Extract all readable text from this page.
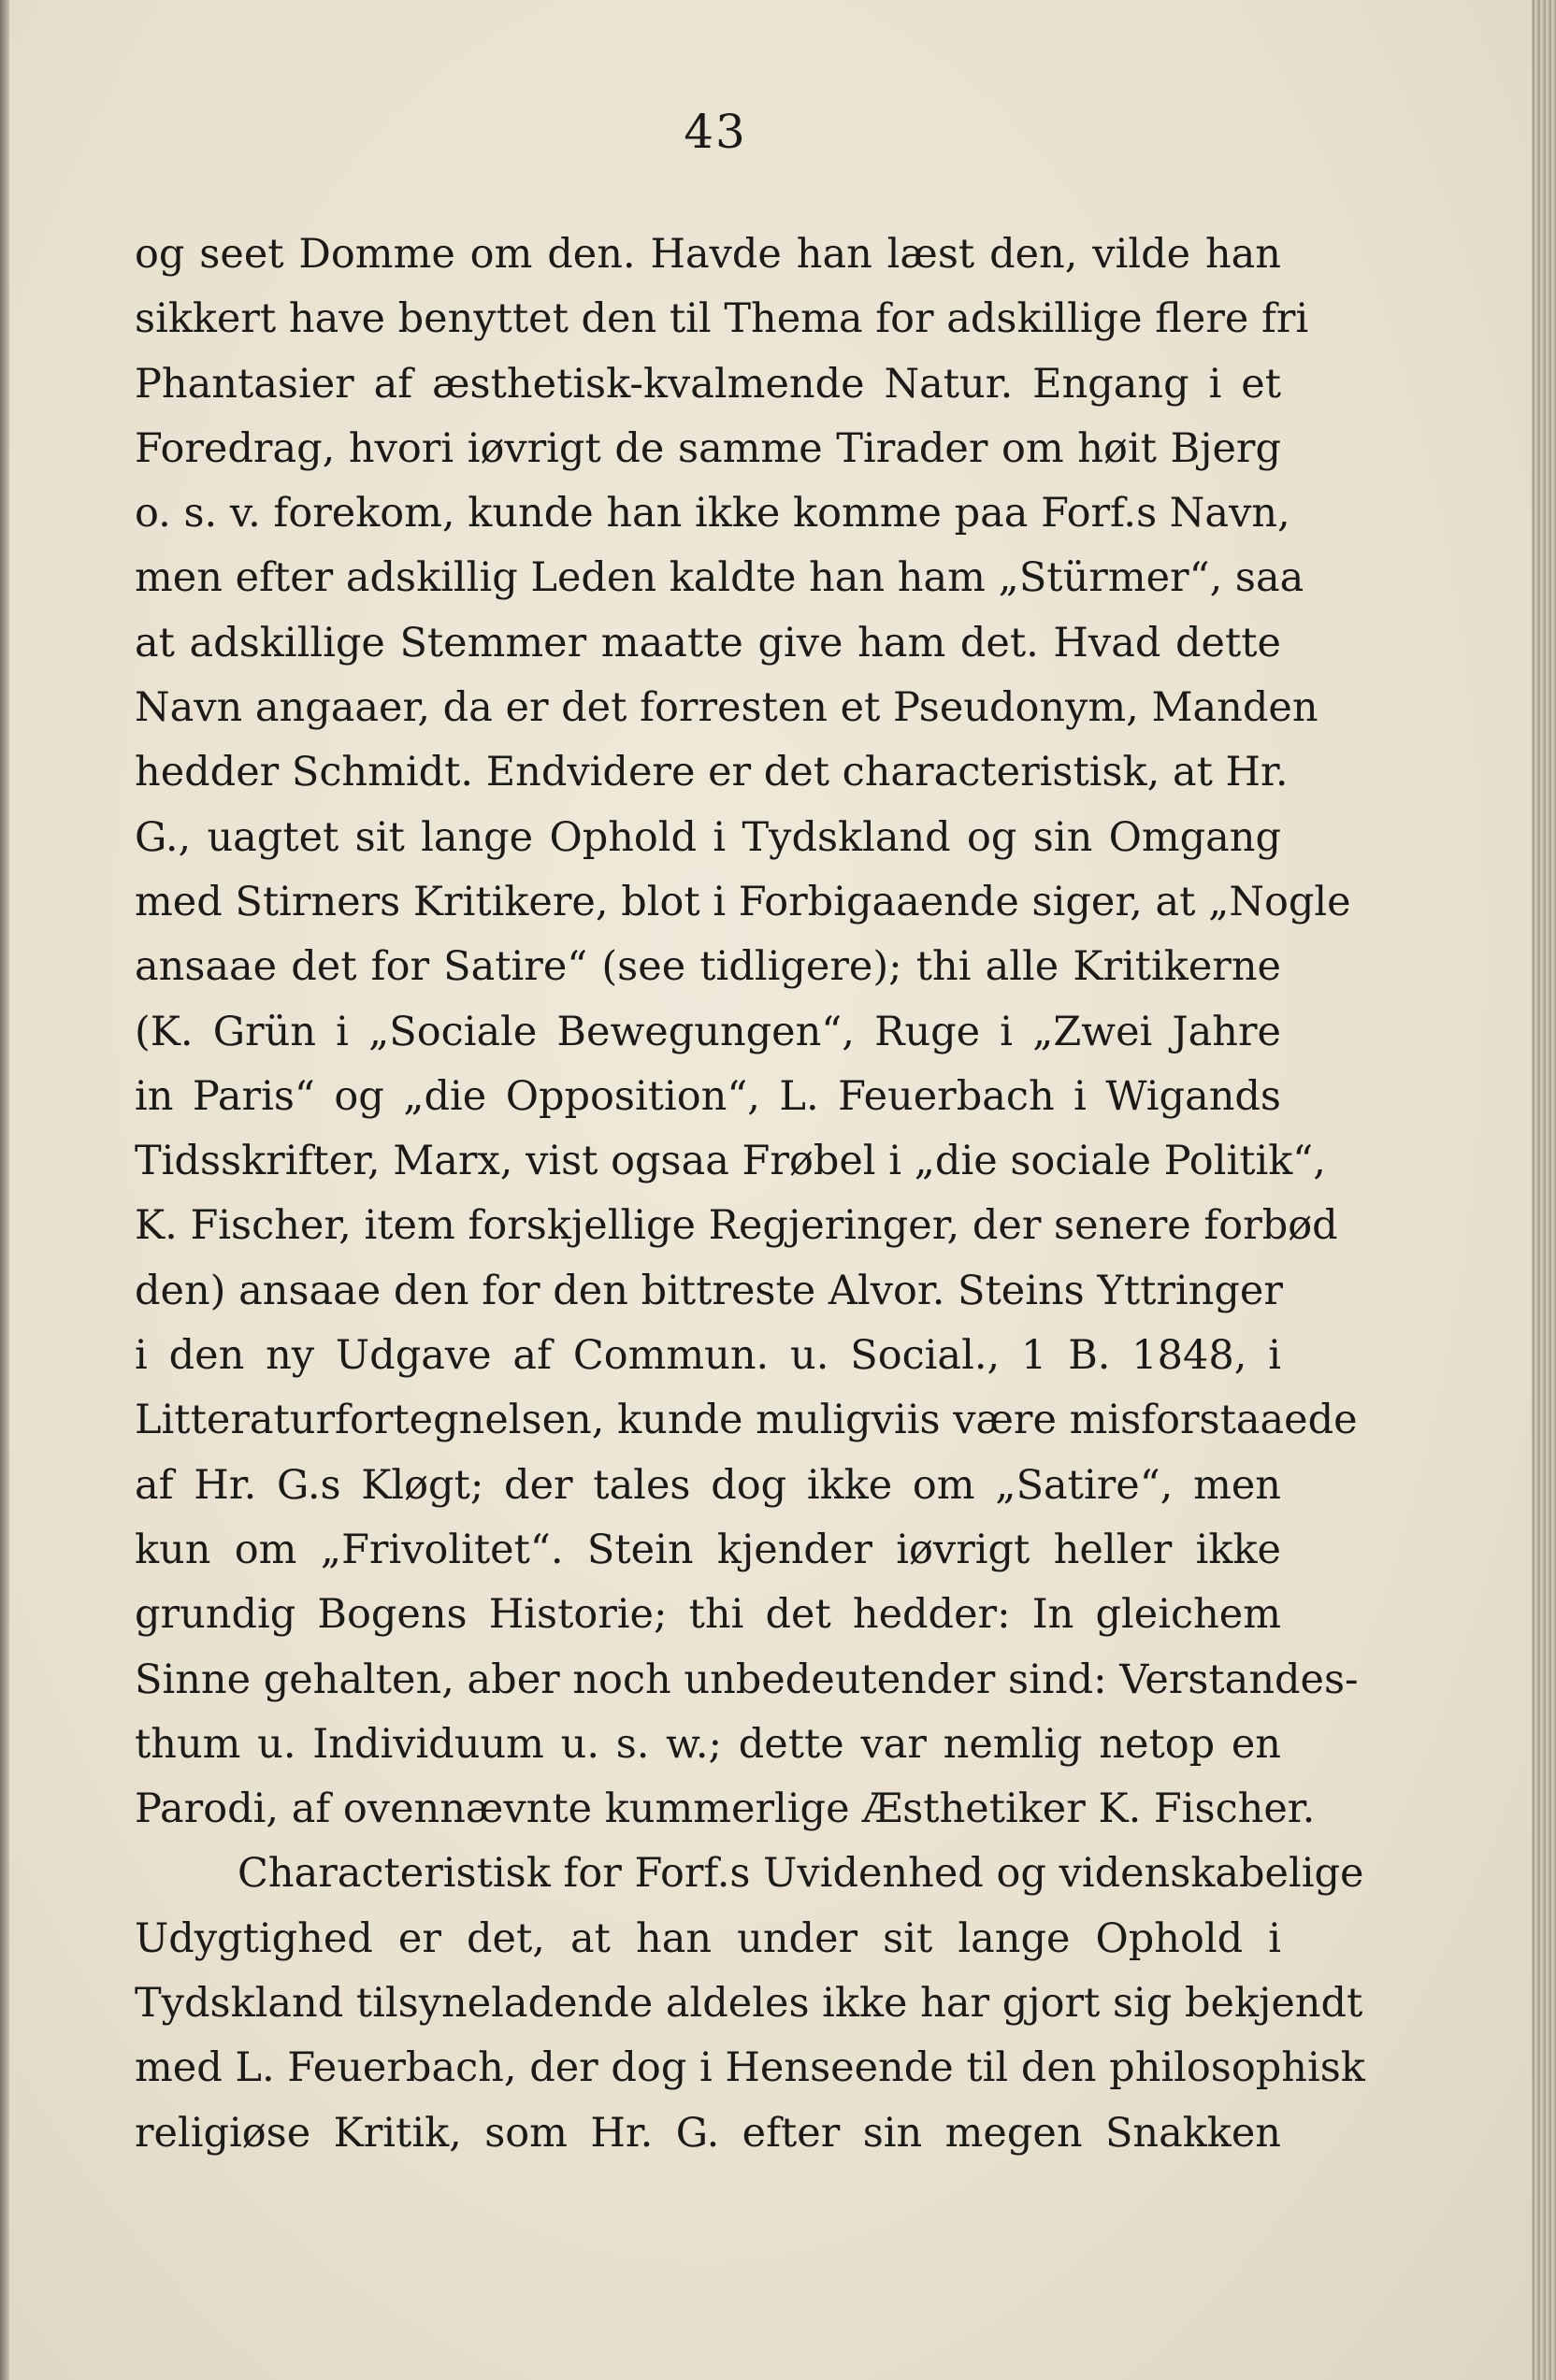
43
og seet Domme om den. Havde han læst den, vilde han
sikkert have benyttet den til Thema for adskillige flere fri
Phantasier af æsthetisk-kvalmende Natur. Engang i et
Foredrag, hvori iøvrigt de samme Tirader om høit Bjerg
o. s. v. forekom, kunde han ikke komme paa Forf.s Navn,
men efter adskillig Leden kaldte han ham „Stürmer“, saa
at adskillige Stemmer maatte give ham det. Hvad dette
Navn angaaer, da er det forresten et Pseudonym, Manden
hedder Schmidt. Endvidere er det characteristisk, at Hr.
G., uagtet sit lange Ophold i Tydskland og sin Omgang
med Stirners Kritikere, blot i Forbigaaende siger, at „Nogle
ansaae det for Satire“ (see tidligere); thi alle Kritikerne
(K. Grün i „Sociale Bewegungen“, Ruge i „Zwei Jahre
in Paris“ og „die Opposition“, L. Feuerbach i Wigands
Tidsskrifter, Marx, vist ogsaa Frøbel i „die sociale Politik“,
K. Fischer, item forskjellige Regjeringer, der senere forbød
den) ansaae den for den bittreste Alvor. Steins Yttringer
i den ny Udgave af Commun. u. Social., 1 B. 1848, i
Litteraturfortegnelsen, kunde muligviis være misforstaaede
af Hr. G.s Kløgt; der tales dog ikke om „Satire“, men
kun om „Frivolitet“. Stein kjender iøvrigt heller ikke
grundig Bogens Historie; thi det hedder: In gleichem
Sinne gehalten, aber noch unbedeutender sind: Verstandes-
thum u. Individuum u. s. w.; dette var nemlig netop en
Parodi, af ovennævnte kummerlige Æsthetiker K. Fischer.
Characteristisk for Forf.s Uvidenhed og videnskabelige
Udygtighed er det, at han under sit lange Ophold i
Tydskland tilsyneladende aldeles ikke har gjort sig bekjendt
med L. Feuerbach, der dog i Henseende til den philosophisk
religiøse Kritik, som Hr. G. efter sin megen Snakken
